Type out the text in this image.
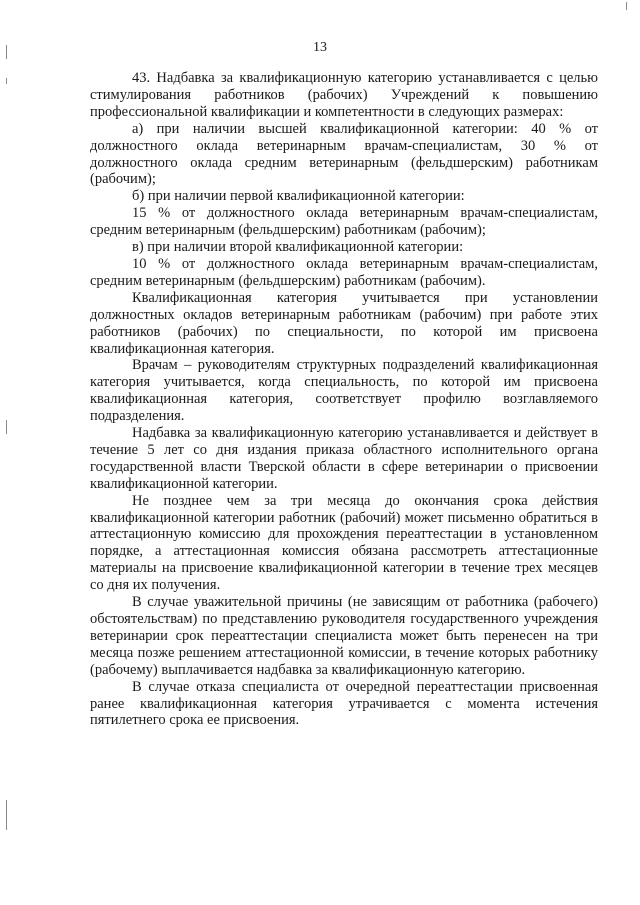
13

43. Надбавка за квалификационную категорию устанавливается с целью стимулирования работников (рабочих) Учреждений к повышению профессиональной квалификации и компетентности в следующих размерах:

а) при наличии высшей квалификационной категории: 40 % от должностного оклада ветеринарным врачам-специалистам, 30 % от должностного оклада средним ветеринарным (фельдшерским) работникам (рабочим);

б) при наличии первой квалификационной категории:

15 % от должностного оклада ветеринарным врачам-специалистам, средним ветеринарным (фельдшерским) работникам (рабочим);

в) при наличии второй квалификационной категории:

10 % от должностного оклада ветеринарным врачам-специалистам, средним ветеринарным (фельдшерским) работникам (рабочим).

Квалификационная категория учитывается при установлении должностных окладов ветеринарным работникам (рабочим) при работе этих работников (рабочих) по специальности, по которой им присвоена квалификационная категория.

Врачам – руководителям структурных подразделений квалификационная категория учитывается, когда специальность, по которой им присвоена квалификационная категория, соответствует профилю возглавляемого подразделения.

Надбавка за квалификационную категорию устанавливается и действует в течение 5 лет со дня издания приказа областного исполнительного органа государственной власти Тверской области в сфере ветеринарии о присвоении квалификационной категории.

Не позднее чем за три месяца до окончания срока действия квалификационной категории работник (рабочий) может письменно обратиться в аттестационную комиссию для прохождения переаттестации в установленном порядке, а аттестационная комиссия обязана рассмотреть аттестационные материалы на присвоение квалификационной категории в течение трех месяцев со дня их получения.

В случае уважительной причины (не зависящим от работника (рабочего) обстоятельствам) по представлению руководителя государственного учреждения ветеринарии срок переаттестации специалиста может быть перенесен на три месяца позже решением аттестационной комиссии, в течение которых работнику (рабочему) выплачивается надбавка за квалификационную категорию.

В случае отказа специалиста от очередной переаттестации присвоенная ранее квалификационная категория утрачивается с момента истечения пятилетнего срока ее присвоения.
